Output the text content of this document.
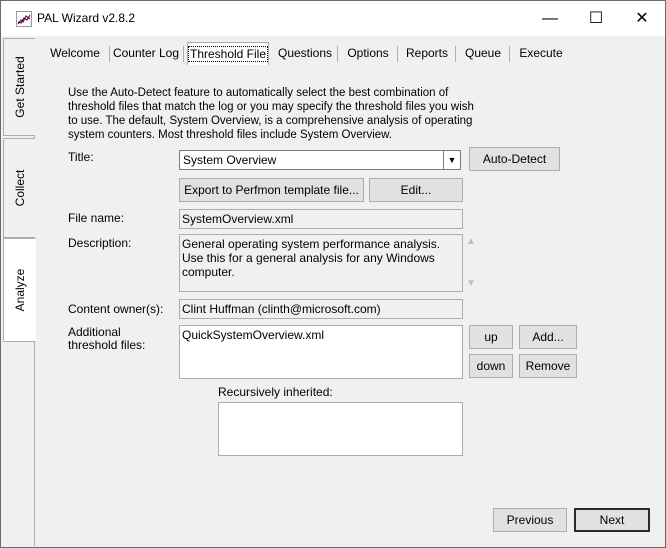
PAL Wizard v2.8.2	—	☐	✕
Get Started
Collect
Analyze
Welcome	Counter Log Threshold File Questions	Options	Reports	Queue	Execute
Use the Auto-Detect feature to automatically select the best combination of threshold files that match the log or you may specify the threshold files you wish to use. The default, System Overview, is a comprehensive analysis of operating system counters. Most threshold files include System Overview.
Title:	System Overview	▼	Auto-Detect
Export to Perfmon template file...	Edit...
File name:	SystemOverview.xml
Description:	General operating system performance analysis. Use this for a general analysis for any Windows computer.
▲
▼
Content owner(s): Clint Huffman (clinth@microsoft.com)
Additional threshold files:
QuickSystemOverview.xml	up	Add...
down	Remove
Recursively inherited:
Previous	Next
